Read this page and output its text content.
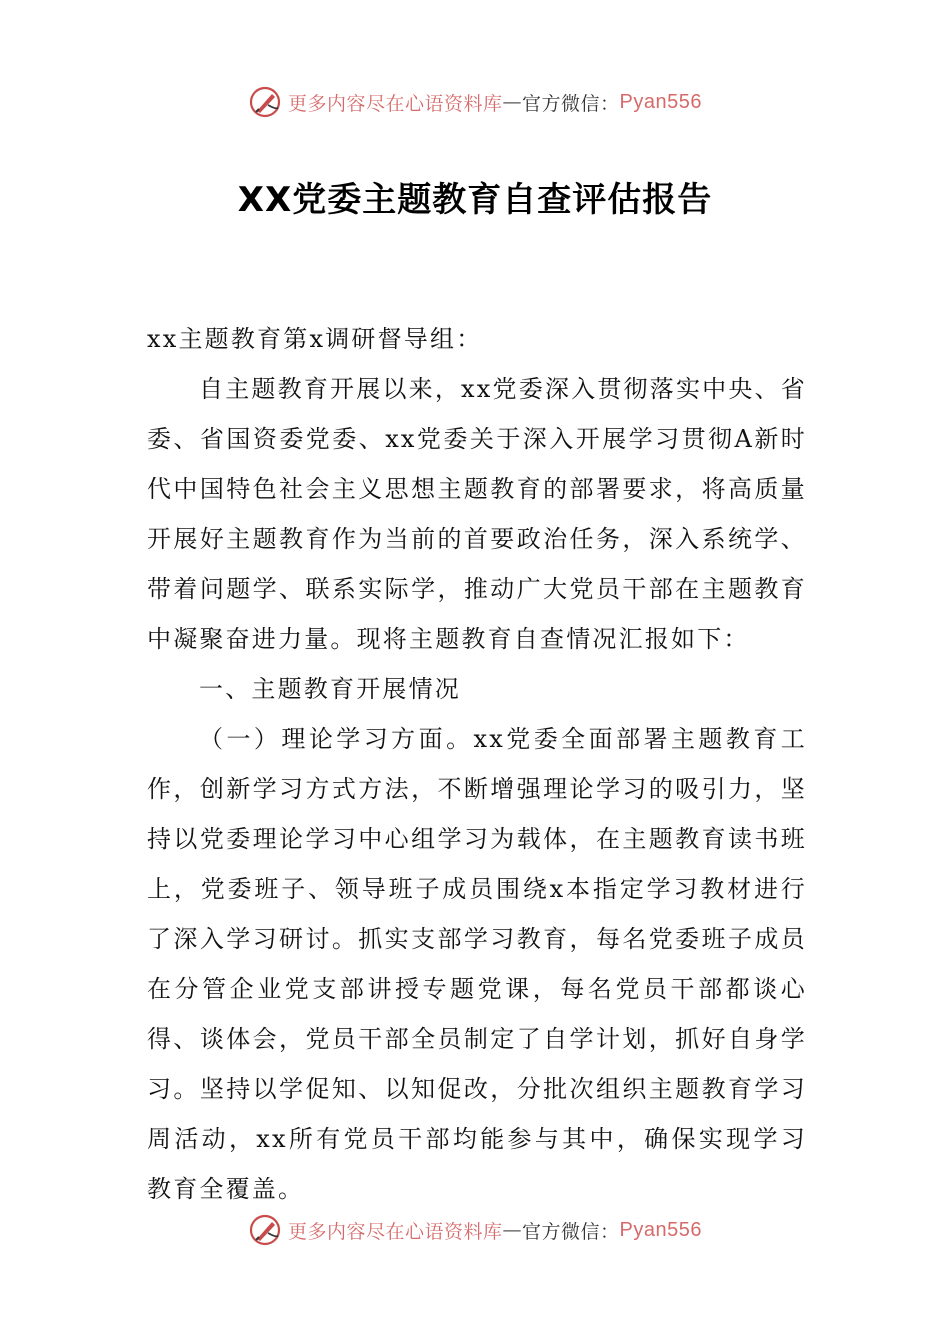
更多内容尽在心语资料库 — 官方微信： Pyan556
XX党委主题教育自查评估报告

xx主题教育第x调研督导组：

自主题教育开展以来，xx党委深入贯彻落实中央、省委、省国资委党委、xx党委关于深入开展学习贯彻A新时代中国特色社会主义思想主题教育的部署要求，将高质量开展好主题教育作为当前的首要政治任务，深入系统学、带着问题学、联系实际学，推动广大党员干部在主题教育中凝聚奋进力量。现将主题教育自查情况汇报如下：

一、主题教育开展情况

（一）理论学习方面。xx党委全面部署主题教育工作，创新学习方式方法，不断增强理论学习的吸引力，坚持以党委理论学习中心组学习为载体，在主题教育读书班上，党委班子、领导班子成员围绕x本指定学习教材进行了深入学习研讨。抓实支部学习教育，每名党委班子成员在分管企业党支部讲授专题党课，每名党员干部都谈心得、谈体会，党员干部全员制定了自学计划，抓好自身学习。坚持以学促知、以知促改，分批次组织主题教育学习周活动，xx所有党员干部均能参与其中，确保实现学习教育全覆盖。

更多内容尽在心语资料库 — 官方微信： Pyan556
